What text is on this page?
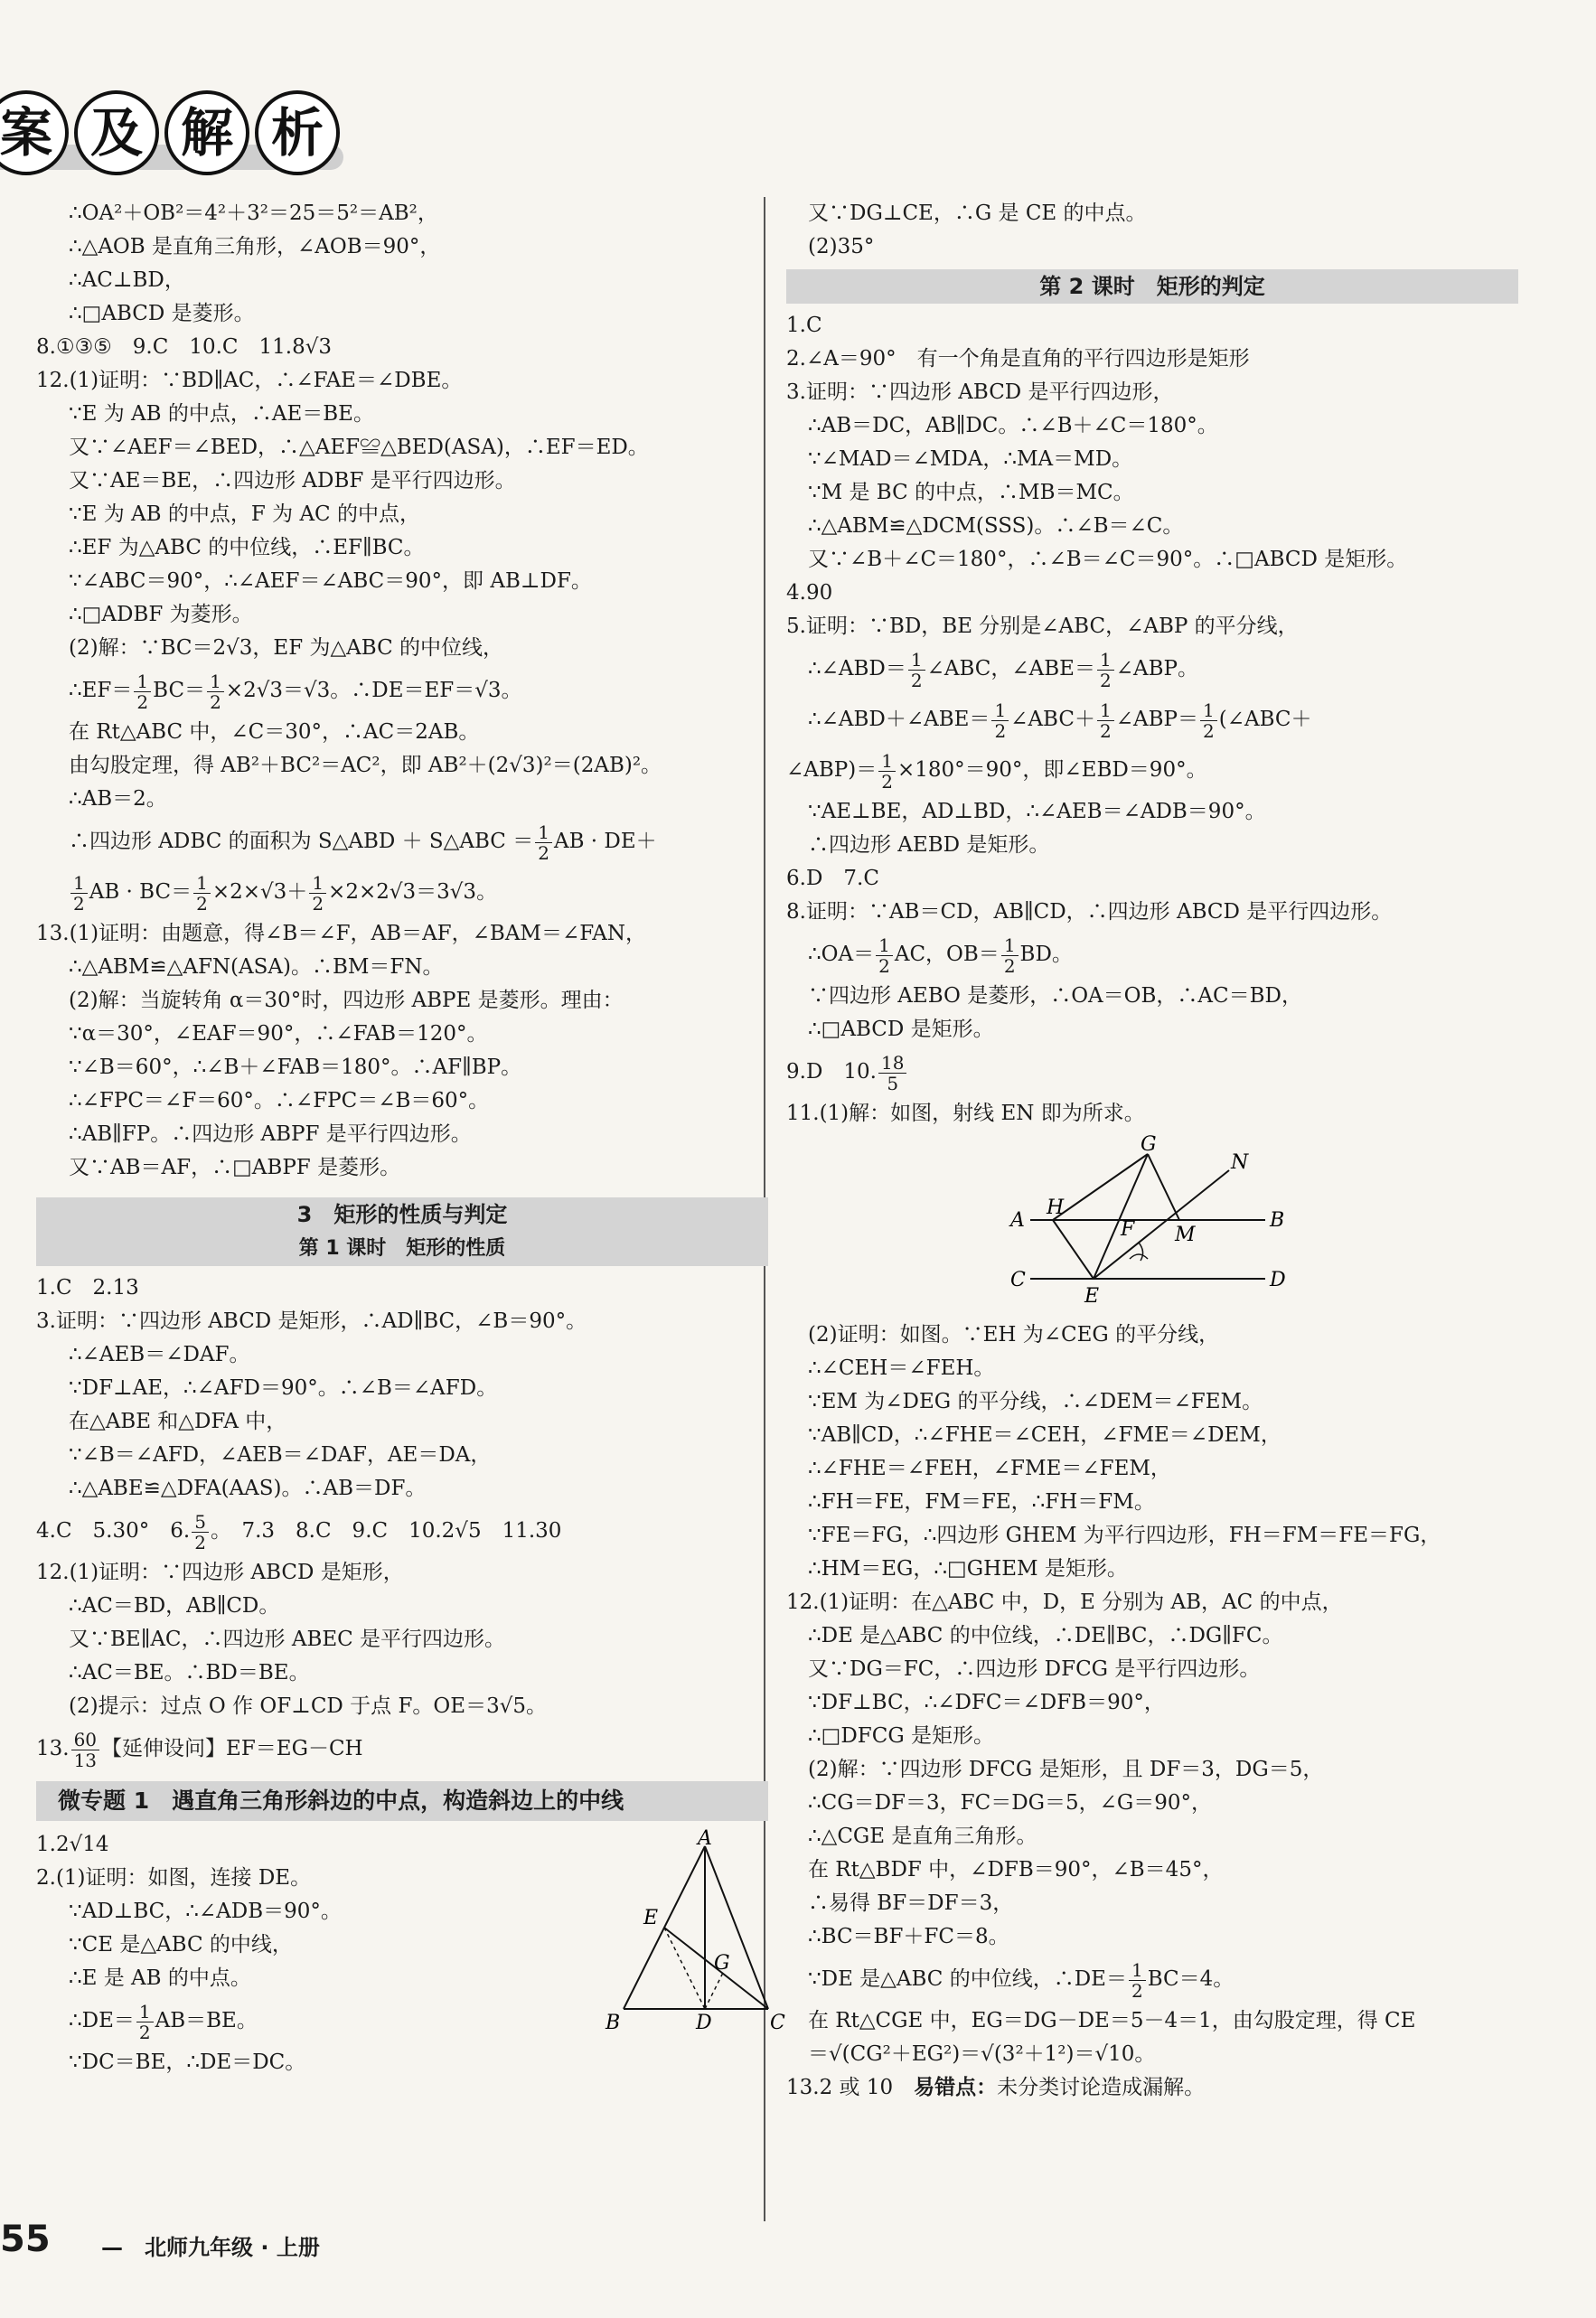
案 及 解 析
∴OA²＋OB²＝4²＋3²＝25＝5²＝AB²，
∴△AOB 是直角三角形，∠AOB＝90°，
∴AC⊥BD，
∴□ABCD 是菱形。
8.①③⑤　9.C　10.C　11.8√3
12.(1)证明：∵BD∥AC，∴∠FAE＝∠DBE。
∵E 为 AB 的中点，∴AE＝BE。
又∵∠AEF＝∠BED，∴△AEF≌△BED(ASA)，∴EF＝ED。
又∵AE＝BE，∴四边形 ADBF 是平行四边形。
∵E 为 AB 的中点，F 为 AC 的中点，
∴EF 为△ABC 的中位线，∴EF∥BC。
∵∠ABC＝90°，∴∠AEF＝∠ABC＝90°，即 AB⊥DF。
∴□ADBF 为菱形。
(2)解：∵BC＝2√3，EF 为△ABC 的中位线，
∴EF＝ $\frac{1}{2} BC= \frac{1}{2} \times 2√3=√3$。∴DE＝EF＝√3。
在 Rt△ABC 中，∠C＝30°，∴AC＝2AB。
由勾股定理，得 AB²＋BC²＝AC²，即 AB²＋(2√3)²＝(2AB)²。
∴AB＝2。
∴四边形 ADBC 的面积为 S△ABD ＋ S△ABC ＝ $\frac{1}{2}$ AB · DE＋
$\frac{1}{2}$ AB · $BC= \frac{1}{2} \times 2\times√3+ \frac{1}{2} \times 2\times 2√3=3√3$。
13.(1)证明：由题意，得∠B＝∠F，AB＝AF，∠BAM＝∠FAN，
∴△ABM≌△AFN(ASA)。∴BM＝FN。
(2)解：当旋转角 α＝30°时，四边形 ABPE 是菱形。理由：
∵α＝30°，∠EAF＝90°，∴∠FAB＝120°。
∵∠B＝60°，∴∠B＋∠FAB＝180°。∴AF∥BP。
∴∠FPC＝∠F＝60°。∴∠FPC＝∠B＝60°。
∴AB∥FP。∴四边形 ABPF 是平行四边形。
又∵AB＝AF，∴□ABPF 是菱形。
3　矩形的性质与判定
第 1 课时　矩形的性质
1.C　2.13
3.证明：∵四边形 ABCD 是矩形，∴AD∥BC，∠B＝90°。
∴∠AEB＝∠DAF。
∵DF⊥AE，∴∠AFD＝90°。∴∠B＝∠AFD。
在△ABE 和△DFA 中，
∵∠B＝∠AFD，∠AEB＝∠DAF，AE＝DA，
∴△ABE≌△DFA(AAS)。∴AB＝DF。
4.C　5.30°　6. $\frac{5}{2}$ 。　7.3　8.C　9.C　10.2√5　11.30
12.(1)证明：∵四边形 ABCD 是矩形，
∴AC＝BD，AB∥CD。
又∵BE∥AC，∴四边形 ABEC 是平行四边形。
∴AC＝BE。∴BD＝BE。
(2)提示：过点 O 作 OF⊥CD 于点 F。OE＝3√5。
13. $\frac{60}{13}$ 【延伸设问】EF＝EG－CH
微专题 1　遇直角三角形斜边的中点，构造斜边上的中线
1.2√14
2.(1)证明：如图，连接 DE。
∵AD⊥BC，∴∠ADB＝90°。
∵CE 是△ABC 的中线，
∴E 是 AB 的中点。
∴DE＝ $\frac{1}{2} AB=BE$。
∵DC＝BE，∴DE＝DC。
A
B	C
D
E
G
又∵DG⊥CE，∴G 是 CE 的中点。
(2)35°
第 2 课时　矩形的判定
1.C
2.∠A＝90°　有一个角是直角的平行四边形是矩形
3.证明：∵四边形 ABCD 是平行四边形，
∴AB＝DC，AB∥DC。∴∠B＋∠C＝180°。
∵∠MAD＝∠MDA，∴MA＝MD。
∵M 是 BC 的中点，∴MB＝MC。
∴△ABM≌△DCM(SSS)。∴∠B＝∠C。
又∵∠B＋∠C＝180°，∴∠B＝∠C＝90°。∴□ABCD 是矩形。
4.90
5.证明：∵BD，BE 分别是∠ABC，∠ABP 的平分线，
∴∠ABD＝ $\frac{1}{2}$ ∠ABC，∠ABE＝ $\frac{1}{2}$ ∠ABP。
∴∠ABD＋∠ABE＝ $\frac{1}{2}$ ∠ABC＋ $\frac{1}{2}$ ∠ABP＝ $\frac{1}{2}$ (∠ABC＋
∠ABP)＝ $\frac{1}{2} \times 180^\circ=90^\circ$，即∠EBD＝90°。
∵AE⊥BE，AD⊥BD，∴∠AEB＝∠ADB＝90°。
∴四边形 AEBD 是矩形。
6.D　7.C
8.证明：∵AB＝CD，AB∥CD，∴四边形 ABCD 是平行四边形。
∴OA＝ $\frac{1}{2}$ AC，$OB= \frac{1}{2}$ BD。
∵四边形 AEBO 是菱形，∴OA＝OB，∴AC＝BD，
∴□ABCD 是矩形。
9.D　10. $\frac{18}{5}$
11.(1)解：如图，射线 EN 即为所求。
G
N
A
H
F M
B
C
E
D
(2)证明：如图。∵EH 为∠CEG 的平分线，
∴∠CEH＝∠FEH。
∵EM 为∠DEG 的平分线，∴∠DEM＝∠FEM。
∵AB∥CD，∴∠FHE＝∠CEH，∠FME＝∠DEM，
∴∠FHE＝∠FEH，∠FME＝∠FEM，
∴FH＝FE，FM＝FE，∴FH＝FM。
∵FE＝FG，∴四边形 GHEM 为平行四边形，FH＝FM＝FE＝FG，
∴HM＝EG，∴□GHEM 是矩形。
12.(1)证明：在△ABC 中，D，E 分别为 AB，AC 的中点，
∴DE 是△ABC 的中位线，∴DE∥BC，∴DG∥FC。
又∵DG＝FC，∴四边形 DFCG 是平行四边形。
∵DF⊥BC，∴∠DFC＝∠DFB＝90°，
∴□DFCG 是矩形。
(2)解：∵四边形 DFCG 是矩形，且 DF＝3，DG＝5，
∴CG＝DF＝3，FC＝DG＝5，∠G＝90°，
∴△CGE 是直角三角形。
在 Rt△BDF 中，∠DFB＝90°，∠B＝45°，
∴易得 BF＝DF＝3，
∴BC＝BF＋FC＝8。
∵DE 是△ABC 的中位线，∴DE＝ $\frac{1}{2} BC=4$。
在 Rt△CGE 中，EG＝DG－DE＝5－4＝1，由勾股定理，得 CE
＝√(CG²＋EG²)＝√(3²＋1²)＝√10。
13.2 或 10　易错点：未分类讨论造成漏解。
55 —　 北师九年级 · 上册
